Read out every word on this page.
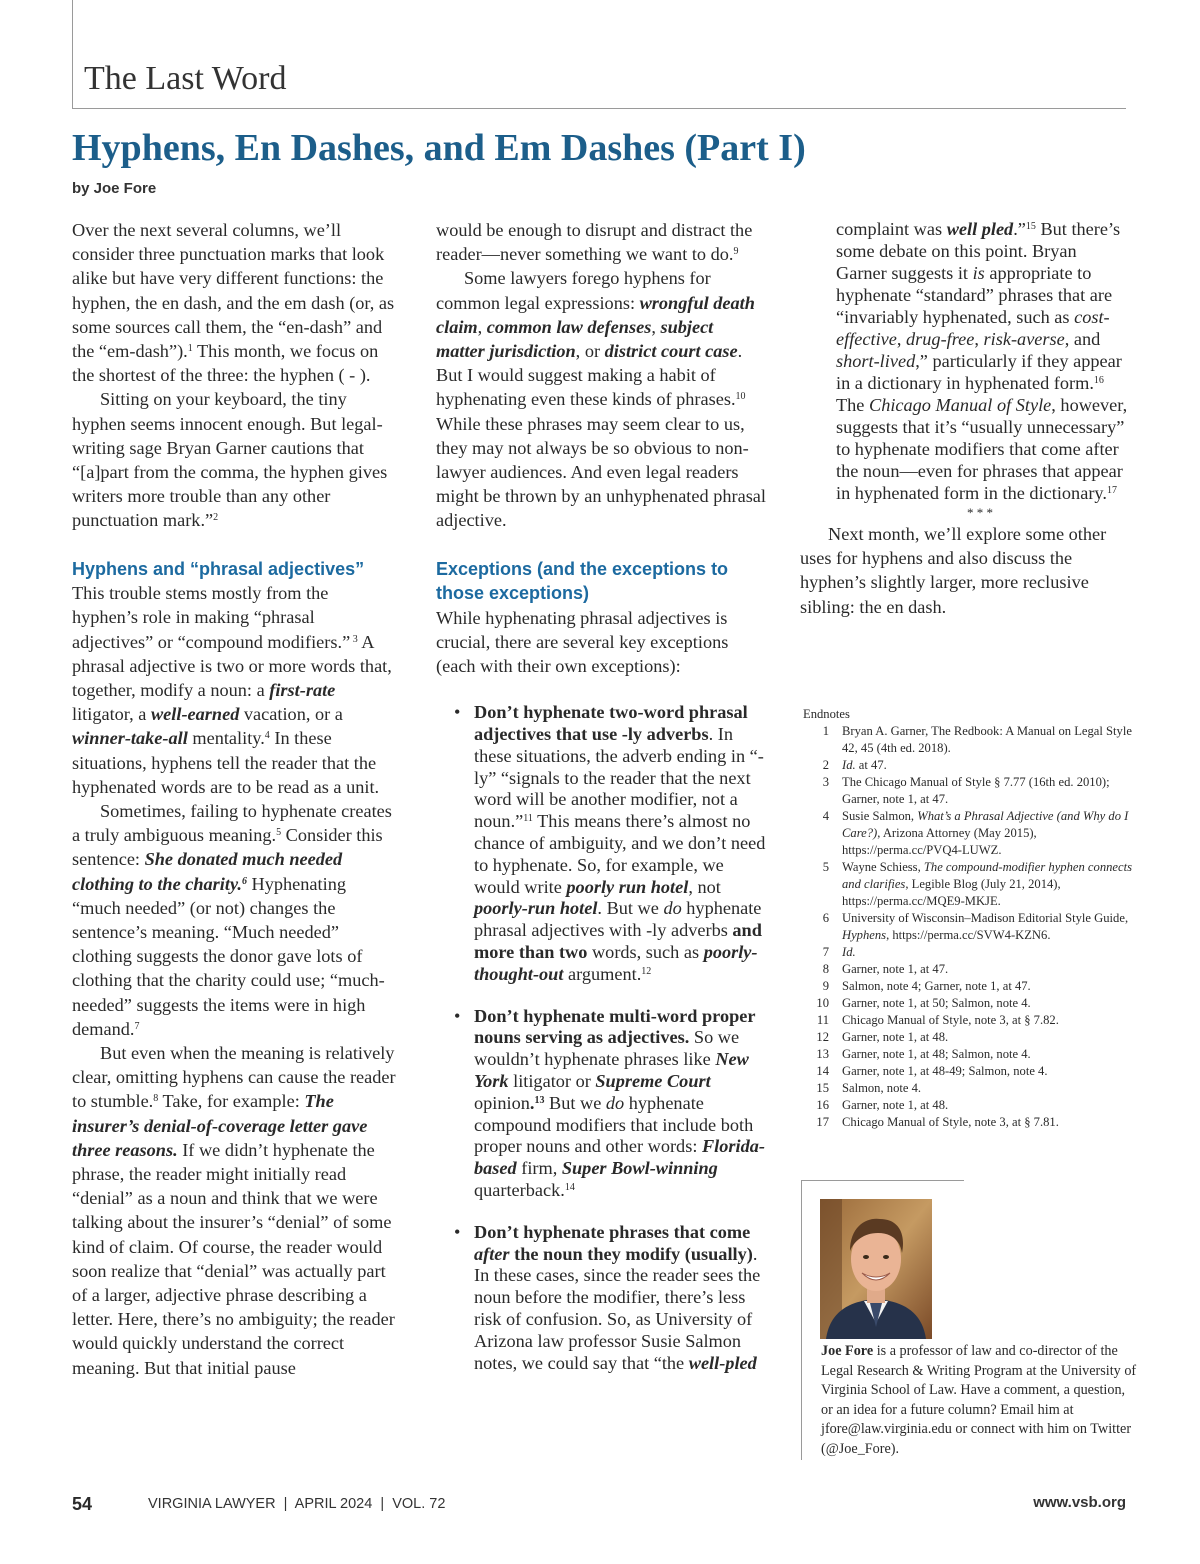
The Last Word
Hyphens, En Dashes, and Em Dashes (Part I)
by Joe Fore

Over the next several columns, we’ll consider three punctuation marks that look alike but have very different functions: the hyphen, the en dash, and the em dash (or, as some sources call them, the “en-dash” and the “em-dash”).$^1$ This month, we focus on the shortest of the three: the hyphen ( - ).

Sitting on your keyboard, the tiny hyphen seems innocent enough. But legal-writing sage Bryan Garner cautions that “[a]part from the comma, the hyphen gives writers more trouble than any other punctuation mark.”$^2$

Hyphens and “phrasal adjectives”

This trouble stems mostly from the hyphen’s role in making “phrasal adjectives” or “compound modifiers.” $^3$ A phrasal adjective is two or more words that, together, modify a noun: a first-rate litigator, a well-earned vacation, or a winner-take-all mentality.$^4$ In these situations, hyphens tell the reader that the hyphenated words are to be read as a unit.

Sometimes, failing to hyphenate creates a truly ambiguous meaning.$^5$ Consider this sentence: She donated much needed clothing to the charity.$^6$ Hyphenating “much needed” (or not) changes the sentence’s meaning. “Much needed” clothing suggests the donor gave lots of clothing that the charity could use; “much-needed” suggests the items were in high demand.$^7$

But even when the meaning is relatively clear, omitting hyphens can cause the reader to stumble.$^8$ Take, for example: The insurer’s denial-of-coverage letter gave three reasons. If we didn’t hyphenate the phrase, the reader might initially read “denial” as a noun and think that we were talking about the insurer’s “denial” of some kind of claim. Of course, the reader would soon realize that “denial” was actually part of a larger, adjective phrase describing a letter. Here, there’s no ambiguity; the reader would quickly understand the correct meaning. But that initial pause

would be enough to disrupt and distract the reader—never something we want to do.$^9$

Some lawyers forego hyphens for common legal expressions: wrongful death claim, common law defenses, subject matter jurisdiction, or district court case. But I would suggest making a habit of hyphenating even these kinds of phrases.$^{10}$ While these phrases may seem clear to us, they may not always be so obvious to non-lawyer audiences. And even legal readers might be thrown by an unhyphenated phrasal adjective.

Exceptions (and the exceptions to those exceptions)

While hyphenating phrasal adjectives is crucial, there are several key exceptions (each with their own exceptions):

• Don’t hyphenate two-word phrasal adjectives that use -ly adverbs. In these situations, the adverb ending in “-ly” “signals to the reader that the next word will be another modifier, not a noun.”$^{11}$ This means there’s almost no chance of ambiguity, and we don’t need to hyphenate. So, for example, we would write poorly run hotel, not poorly-run hotel. But we do hyphenate phrasal adjectives with -ly adverbs and more than two words, such as poorly-thought-out argument.$^{12}$
• Don’t hyphenate multi-word proper nouns serving as adjectives. So we wouldn’t hyphenate phrases like New York litigator or Supreme Court opinion.$^{13}$ But we do hyphenate compound modifiers that include both proper nouns and other words: Florida-based firm, Super Bowl-winning quarterback.$^{14}$
• Don’t hyphenate phrases that come after the noun they modify (usually). In these cases, since the reader sees the noun before the modifier, there’s less risk of confusion. So, as University of Arizona law professor Susie Salmon notes, we could say that “the well-pled

complaint was well pled.”$^{15}$ But there’s some debate on this point. Bryan Garner suggests it is appropriate to hyphenate “standard” phrases that are “invariably hyphenated, such as cost-effective, drug-free, risk-averse, and short-lived,” particularly if they appear in a dictionary in hyphenated form.$^{16}$ The Chicago Manual of Style, however, suggests that it’s “usually unnecessary” to hyphenate modifiers that come after the noun—even for phrases that appear in hyphenated form in the dictionary.$^{17}$

* * *

Next month, we’ll explore some other uses for hyphens and also discuss the hyphen’s slightly larger, more reclusive sibling: the en dash.

Endnotes
1 Bryan A. Garner, The Redbook: A Manual on Legal Style 42, 45 (4th ed. 2018).
2 Id. at 47.
3 The Chicago Manual of Style § 7.77 (16th ed. 2010); Garner, note 1, at 47.
4 Susie Salmon, What’s a Phrasal Adjective (and Why do I Care?), Arizona Attorney (May 2015), https://perma.cc/PVQ4-LUWZ.
5 Wayne Schiess, The compound-modifier hyphen connects and clarifies, Legible Blog (July 21, 2014), https://perma.cc/MQE9-MKJE.
6 University of Wisconsin–Madison Editorial Style Guide, Hyphens, https://perma.cc/SVW4-KZN6.
7 Id.
8 Garner, note 1, at 47.
9 Salmon, note 4; Garner, note 1, at 47.
10 Garner, note 1, at 50; Salmon, note 4.
11 Chicago Manual of Style, note 3, at § 7.82.
12 Garner, note 1, at 48.
13 Garner, note 1, at 48; Salmon, note 4.
14 Garner, note 1, at 48-49; Salmon, note 4.
15 Salmon, note 4.
16 Garner, note 1, at 48.
17 Chicago Manual of Style, note 3, at § 7.81.
Joe Fore is a professor of law and co-director of the Legal Research & Writing Program at the University of Virginia School of Law. Have a comment, a question, or an idea for a future column? Email him at jfore@law.virginia.edu or connect with him on Twitter (@Joe_Fore).
54	VIRGINIA LAWYER  |  APRIL 2024  |  VOL. 72	www.vsb.org
